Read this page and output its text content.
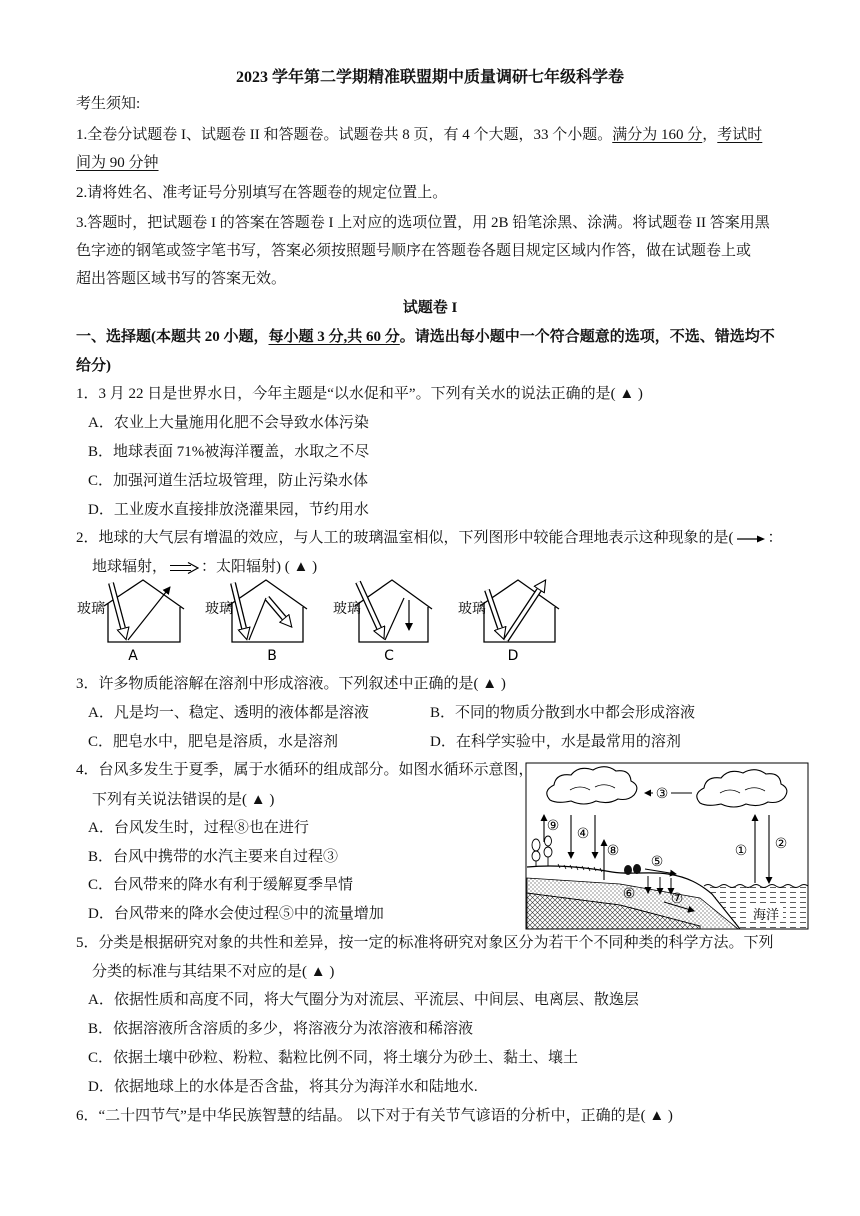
2023 学年第二学期精准联盟期中质量调研七年级科学卷
考生须知:
1.全卷分试题卷 I、试题卷 II 和答题卷。试题卷共 8 页，有 4 个大题，33 个小题。满分为 160 分，考试时
间为 90 分钟
2.请将姓名、准考证号分别填写在答题卷的规定位置上。
3.答题时，把试题卷 I 的答案在答题卷 I 上对应的选项位置，用 2B 铅笔涂黑、涂满。将试题卷 II 答案用黑
色字迹的钢笔或签字笔书写，答案必须按照题号顺序在答题卷各题目规定区域内作答，做在试题卷上或
超出答题区域书写的答案无效。
试题卷 I
一、选择题(本题共 20 小题，每小题 3 分,共 60 分。请选出每小题中一个符合题意的选项，不选、错选均不
给分)
1．3 月 22 日是世界水日，今年主题是“以水促和平”。下列有关水的说法正确的是( ▲ )
A．农业上大量施用化肥不会导致水体污染
B．地球表面 71%被海洋覆盖，水取之不尽
C．加强河道生活垃圾管理，防止污染水体
D．工业废水直接排放浇灌果园，节约用水
2．地球的大气层有增温的效应，与人工的玻璃温室相似，下列图形中较能合理地表示这种现象的是( ：
地球辐射， ：太阳辐射) ( ▲ )
玻璃
A
玻璃
B
玻璃
C
玻璃
D
3．许多物质能溶解在溶剂中形成溶液。下列叙述中正确的是( ▲ )
A．凡是均一、稳定、透明的液体都是溶液	B．不同的物质分散到水中都会形成溶液
C．肥皂水中，肥皂是溶质，水是溶剂	D．在科学实验中，水是最常用的溶剂
③
海洋
⑨ ④
⑧	① ②
⑤
⑥	⑦
4．台风多发生于夏季，属于水循环的组成部分。如图水循环示意图，
下列有关说法错误的是( ▲ )
A．台风发生时，过程⑧也在进行
B．台风中携带的水汽主要来自过程③
C．台风带来的降水有利于缓解夏季旱情
D．台风带来的降水会使过程⑤中的流量增加
5．分类是根据研究对象的共性和差异，按一定的标准将研究对象区分为若干个不同种类的科学方法。下列
分类的标准与其结果不对应的是( ▲ )
A．依据性质和高度不同，将大气圈分为对流层、平流层、中间层、电离层、散逸层
B．依据溶液所含溶质的多少，将溶液分为浓溶液和稀溶液
C．依据土壤中砂粒、粉粒、黏粒比例不同，将土壤分为砂土、黏土、壤土
D．依据地球上的水体是否含盐，将其分为海洋水和陆地水.
6．“二十四节气”是中华民族智慧的结晶。 以下对于有关节气谚语的分析中，正确的是( ▲ )
